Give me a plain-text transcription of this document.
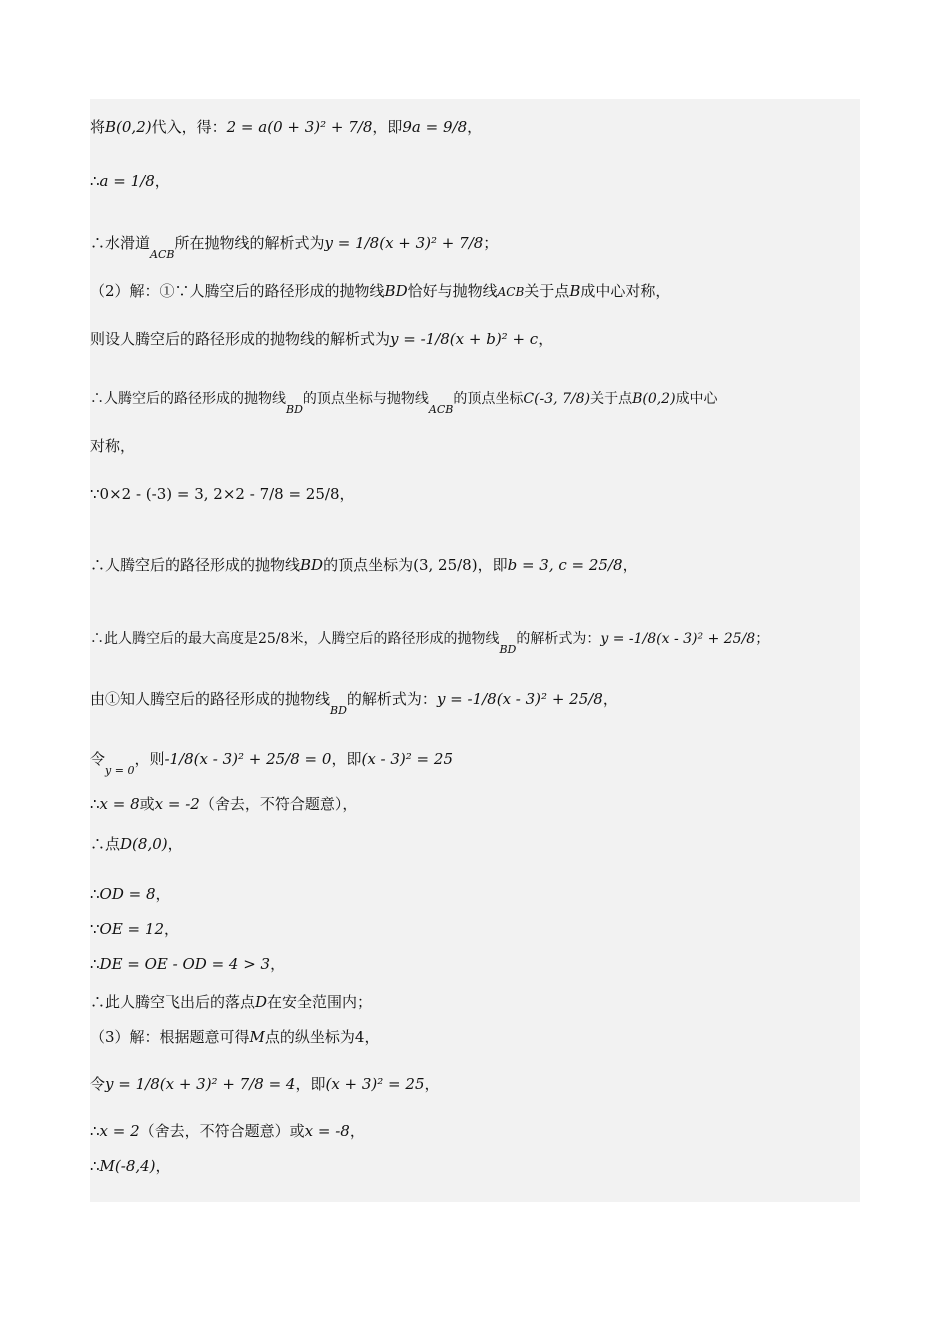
将B(0,2)代入，得：2 = a(0 + 3)² + 7/8，即9a = 9/8，
∴a = 1/8，
∴水滑道$_{ACB}$所在抛物线的解析式为y = 1/8(x + 3)² + 7/8；
（2）解：①∵人腾空后的路径形成的抛物线BD恰好与抛物线ACB关于点B成中心对称，
则设人腾空后的路径形成的抛物线的解析式为y = -1/8(x + b)² + c，
∴人腾空后的路径形成的抛物线$_{BD}$的顶点坐标与抛物线$_{ACB}$的顶点坐标C(-3, 7/8)关于点B(0,2)成中心
对称，
∵0×2 - (-3) = 3, 2×2 - 7/8 = 25/8，
∴人腾空后的路径形成的抛物线BD的顶点坐标为(3, 25/8)，即b = 3, c = 25/8，
∴此人腾空后的最大高度是25/8米，人腾空后的路径形成的抛物线$_{BD}$的解析式为：y = -1/8(x - 3)² + 25/8；
由①知人腾空后的路径形成的抛物线$_{BD}$的解析式为：y = -1/8(x - 3)² + 25/8，
令$_{y = 0}$，则-1/8(x - 3)² + 25/8 = 0，即(x - 3)² = 25
∴x = 8或x = -2（舍去，不符合题意），
∴点D(8,0)，
∴OD = 8，
∵OE = 12，
∴DE = OE - OD = 4 > 3，
∴此人腾空飞出后的落点D在安全范围内；
（3）解：根据题意可得M点的纵坐标为4，
令y = 1/8(x + 3)² + 7/8 = 4，即(x + 3)² = 25，
∴x = 2（舍去，不符合题意）或x = -8，
∴M(-8,4)，
